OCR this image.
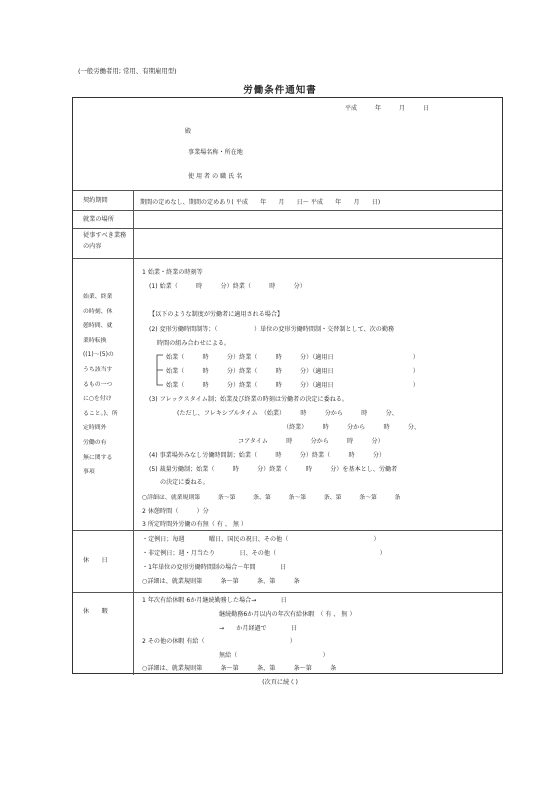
(一般労働者用; 常用、有期雇用型)
労働条件通知書
平成　　　年　　　月　　　日
殿
事業場名称・所在地
使 用 者 の 職 氏 名
契約期間	期間の定めなし、期間の定めあり( 平成　　年　　月　　日～ 平成　　年　　月　　日)
就業の場所
従事すべき業務の内容
始業、終業
の時刻、休
憩時間、就
業時転換
((1)～(5)の
うち該当す
るもの一つ
に○を付け
ること。)、所
定時間外
労働の有
無に関する
事項
1 始業・終業の時刻等
(1) 始業（　　　時　　　分）終業（　　　時　　　分）
【以下のような制度が労働者に適用される場合】
(2) 変形労働時間制等；（　　　　　　）単位の変形労働時間制・交替制として、次の勤務
時間の組み合わせによる。
始業（　　　時　　　分）終業（　　　時　　　分）（適用日　　　　　　　　　　　　　）
始業（　　　時　　　分）終業（　　　時　　　分）（適用日　　　　　　　　　　　　　）
始業（　　　時　　　分）終業（　　　時　　　分）（適用日　　　　　　　　　　　　　）
(3) フレックスタイム制；始業及び終業の時刻は労働者の決定に委ねる。
(ただし、フレキシブルタイム　（始業）　　　時　　　分から　　　時　　　分、
（終業）　　　時　　　分から　　　時　　　分、
コアタイム　　　時　　　分から　　　時　　　分）
(4) 事業場外みなし労働時間制；始業（　　　時　　　分）終業（　　　時　　　分）
(5) 裁量労働制；始業（　　　時　　　分）終業（　　　時　　　分）を基本とし、労働者
の決定に委ねる。
○詳細は、就業規則第　　　条～第　　　条、第　　　条～第　　　条、第　　　条～第　　　条
2 休憩時間（　　　）分
3 所定時間外労働の有無（ 有 、 無 ）
休　　日
・定例日；毎週　　　　曜日、国民の祝日、その他（　　　　　　　　　　　　　　）
・非定例日；週・月当たり　　　　日、その他（　　　　　　　　　　　　　　　　　）
・1年単位の変形労働時間制の場合－年間　　　　日
○詳細は、就業規則第　　　条～第　　　条、第　　　条
休　　暇
1 年次有給休暇 6か月継続勤務した場合→　　　　日
継続勤務6か月以内の年次有給休暇　（ 有 、 無 ）
→　　か月経過で　　　　日
2 その他の休暇 有給（　　　　　　　　　　　　　　）
無給（　　　　　　　　　　　　　　）
○詳細は、就業規則第　　　条～第　　　条、第　　　条～第　　　条
(次頁に続く)
